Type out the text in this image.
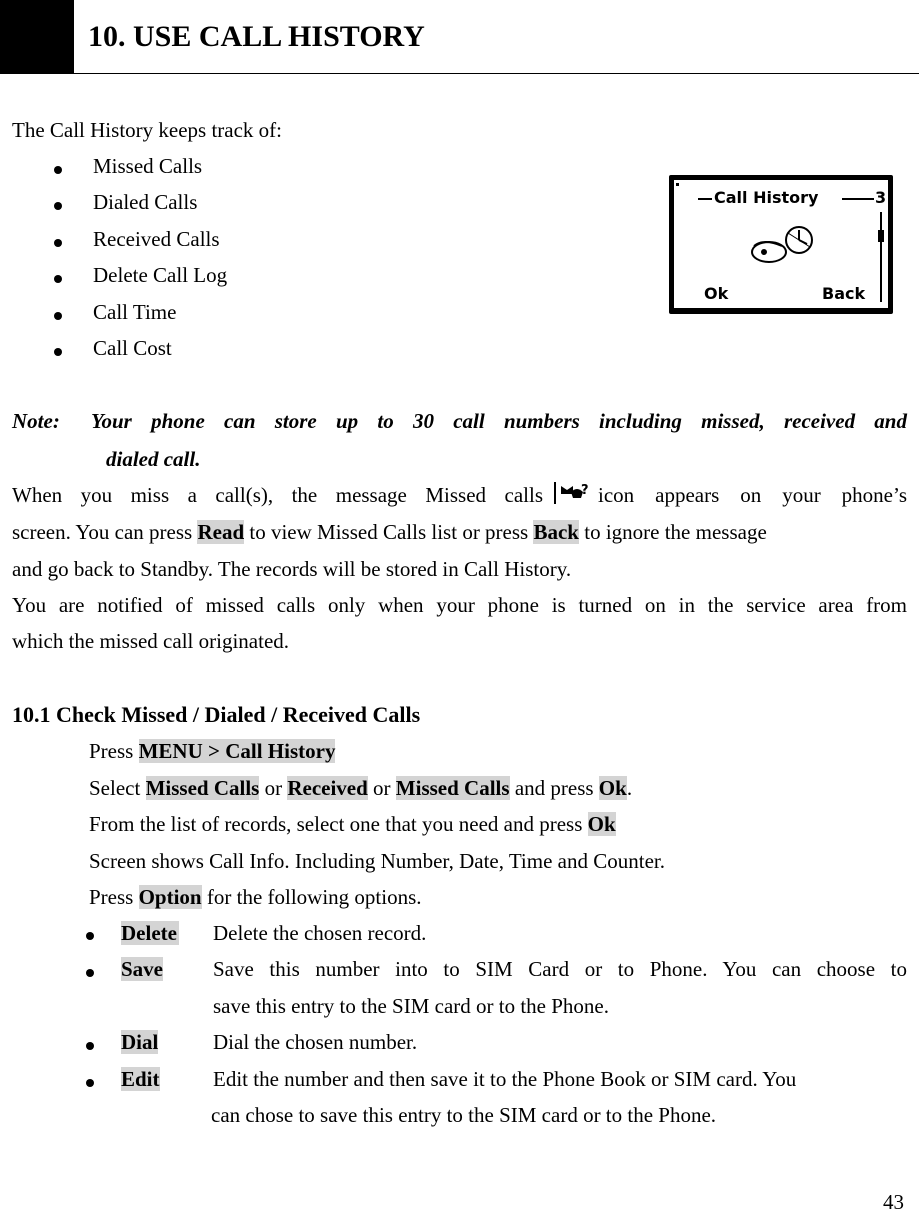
10. USE CALL HISTORY
The Call History keeps track of:
Missed Calls
Dialed Calls
Received Calls
Delete Call Log
Call Time
Call Cost
Call History	3
Ok	Back
Note: Your phone can store up to 30 call numbers including missed, received and
dialed call.
When you miss a call(s), the message Missed calls	? icon appears on your phone’s
screen. You can press Read to view Missed Calls list or press Back to ignore the message
and go back to Standby. The records will be stored in Call History.
You are notified of missed calls only when your phone is turned on in the service area from
which the missed call originated.
10.1 Check Missed / Dialed / Received Calls
Press MENU > Call History
Select Missed Calls or Received or Missed Calls and press Ok.
From the list of records, select one that you need and press Ok
Screen shows Call Info. Including Number, Date, Time and Counter.
Press Option for the following options.
Delete Delete the chosen record.
Save Save this number into to SIM Card or to Phone. You can choose to
save this entry to the SIM card or to the Phone.
Dial	Dial the chosen number.
Edit	Edit the number and then save it to the Phone Book or SIM card. You
can chose to save this entry to the SIM card or to the Phone.
43
